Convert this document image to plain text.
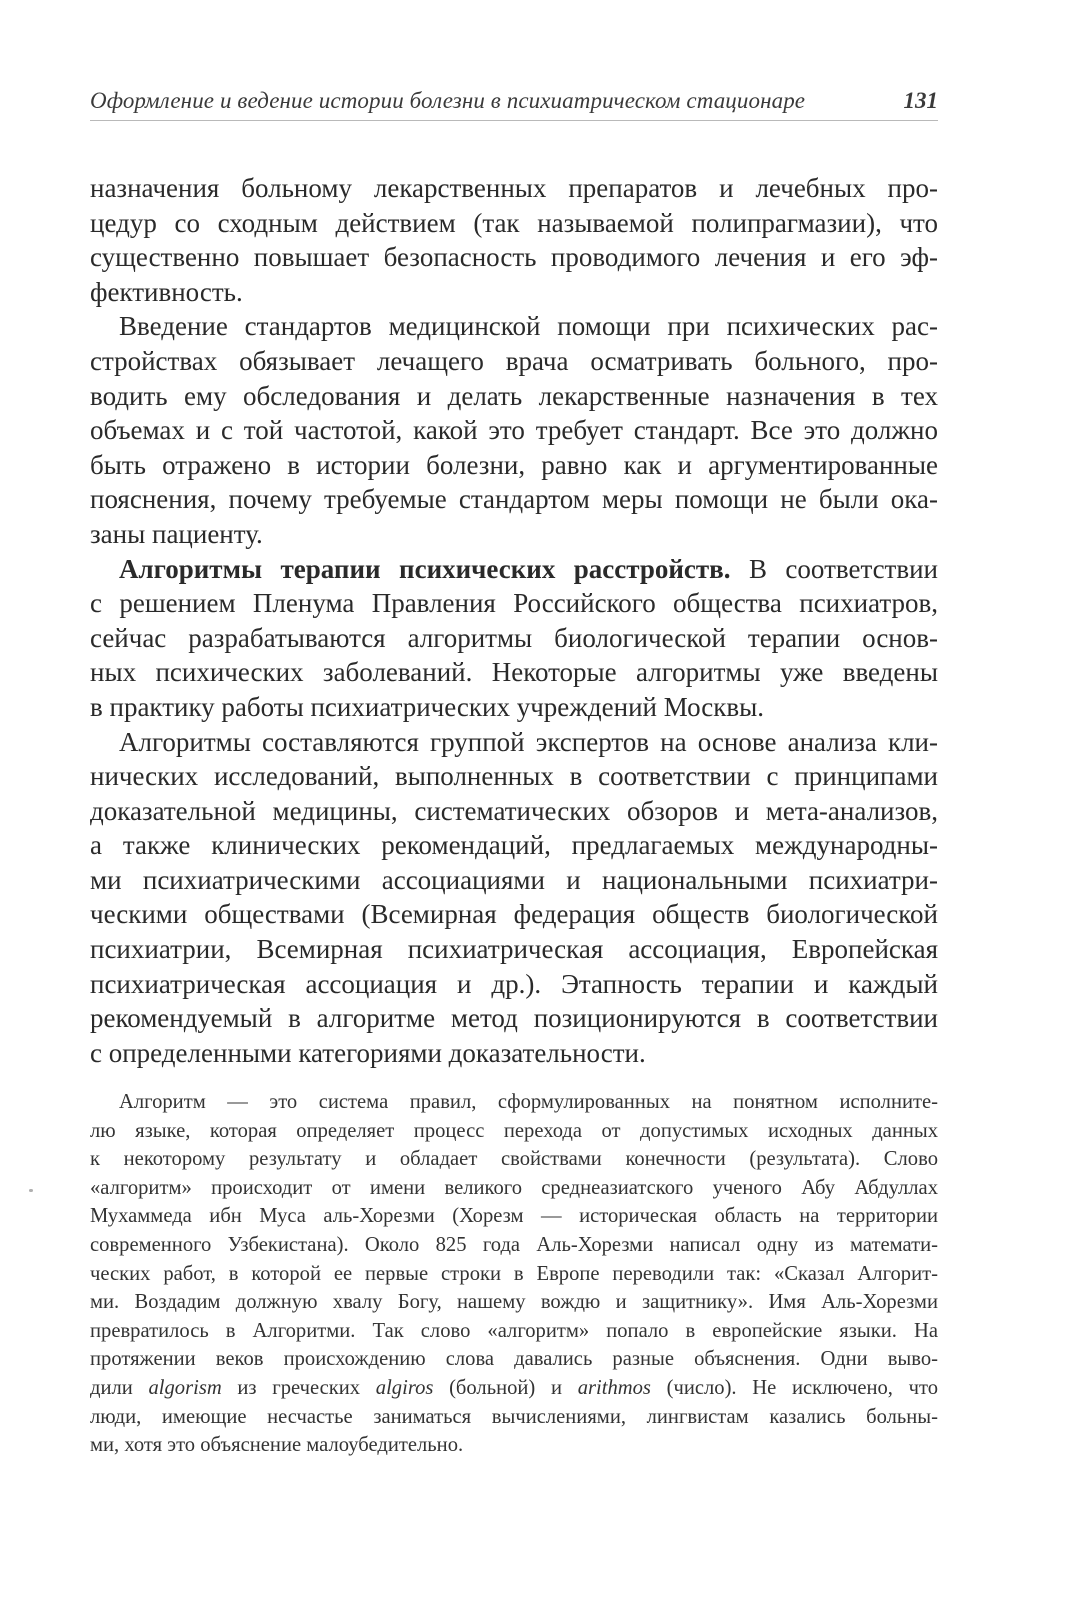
Оформление и ведение истории болезни в психиатрическом стационаре	131
назначения больному лекарственных препаратов и лечебных про-
цедур со сходным действием (так называемой полипрагмазии), что
существенно повышает безопасность проводимого лечения и его эф-
фективность.
Введение стандартов медицинской помощи при психических рас-
стройствах обязывает лечащего врача осматривать больного, про-
водить ему обследования и делать лекарственные назначения в тех
объемах и с той частотой, какой это требует стандарт. Все это должно
быть отражено в истории болезни, равно как и аргументированные
пояснения, почему требуемые стандартом меры помощи не были ока-
заны пациенту.
Алгоритмы терапии психических расстройств. В соответствии
с решением Пленума Правления Российского общества психиатров,
сейчас разрабатываются алгоритмы биологической терапии основ-
ных психических заболеваний. Некоторые алгоритмы уже введены
в практику работы психиатрических учреждений Москвы.
Алгоритмы составляются группой экспертов на основе анализа кли-
нических исследований, выполненных в соответствии с принципами
доказательной медицины, систематических обзоров и мета-анализов,
а также клинических рекомендаций, предлагаемых международны-
ми психиатрическими ассоциациями и национальными психиатри-
ческими обществами (Всемирная федерация обществ биологической
психиатрии, Всемирная психиатрическая ассоциация, Европейская
психиатрическая ассоциация и др.). Этапность терапии и каждый
рекомендуемый в алгоритме метод позиционируются в соответствии
с определенными категориями доказательности.
Алгоритм — это система правил, сформулированных на понятном исполните-
лю языке, которая определяет процесс перехода от допустимых исходных данных
к некоторому результату и обладает свойствами конечности (результата). Слово
«алгоритм» происходит от имени великого среднеазиатского ученого Абу Абдуллах
Мухаммеда ибн Муса аль-Хорезми (Хорезм — историческая область на территории
современного Узбекистана). Около 825 года Аль-Хорезми написал одну из математи-
ческих работ, в которой ее первые строки в Европе переводили так: «Сказал Алгорит-
ми. Воздадим должную хвалу Богу, нашему вождю и защитнику». Имя Аль-Хорезми
превратилось в Алгоритми. Так слово «алгоритм» попало в европейские языки. На
протяжении веков происхождению слова давались разные объяснения. Одни выво-
дили algorism из греческих algiros (больной) и arithmos (число). Не исключено, что
люди, имеющие несчастье заниматься вычислениями, лингвистам казались больны-
ми, хотя это объяснение малоубедительно.
